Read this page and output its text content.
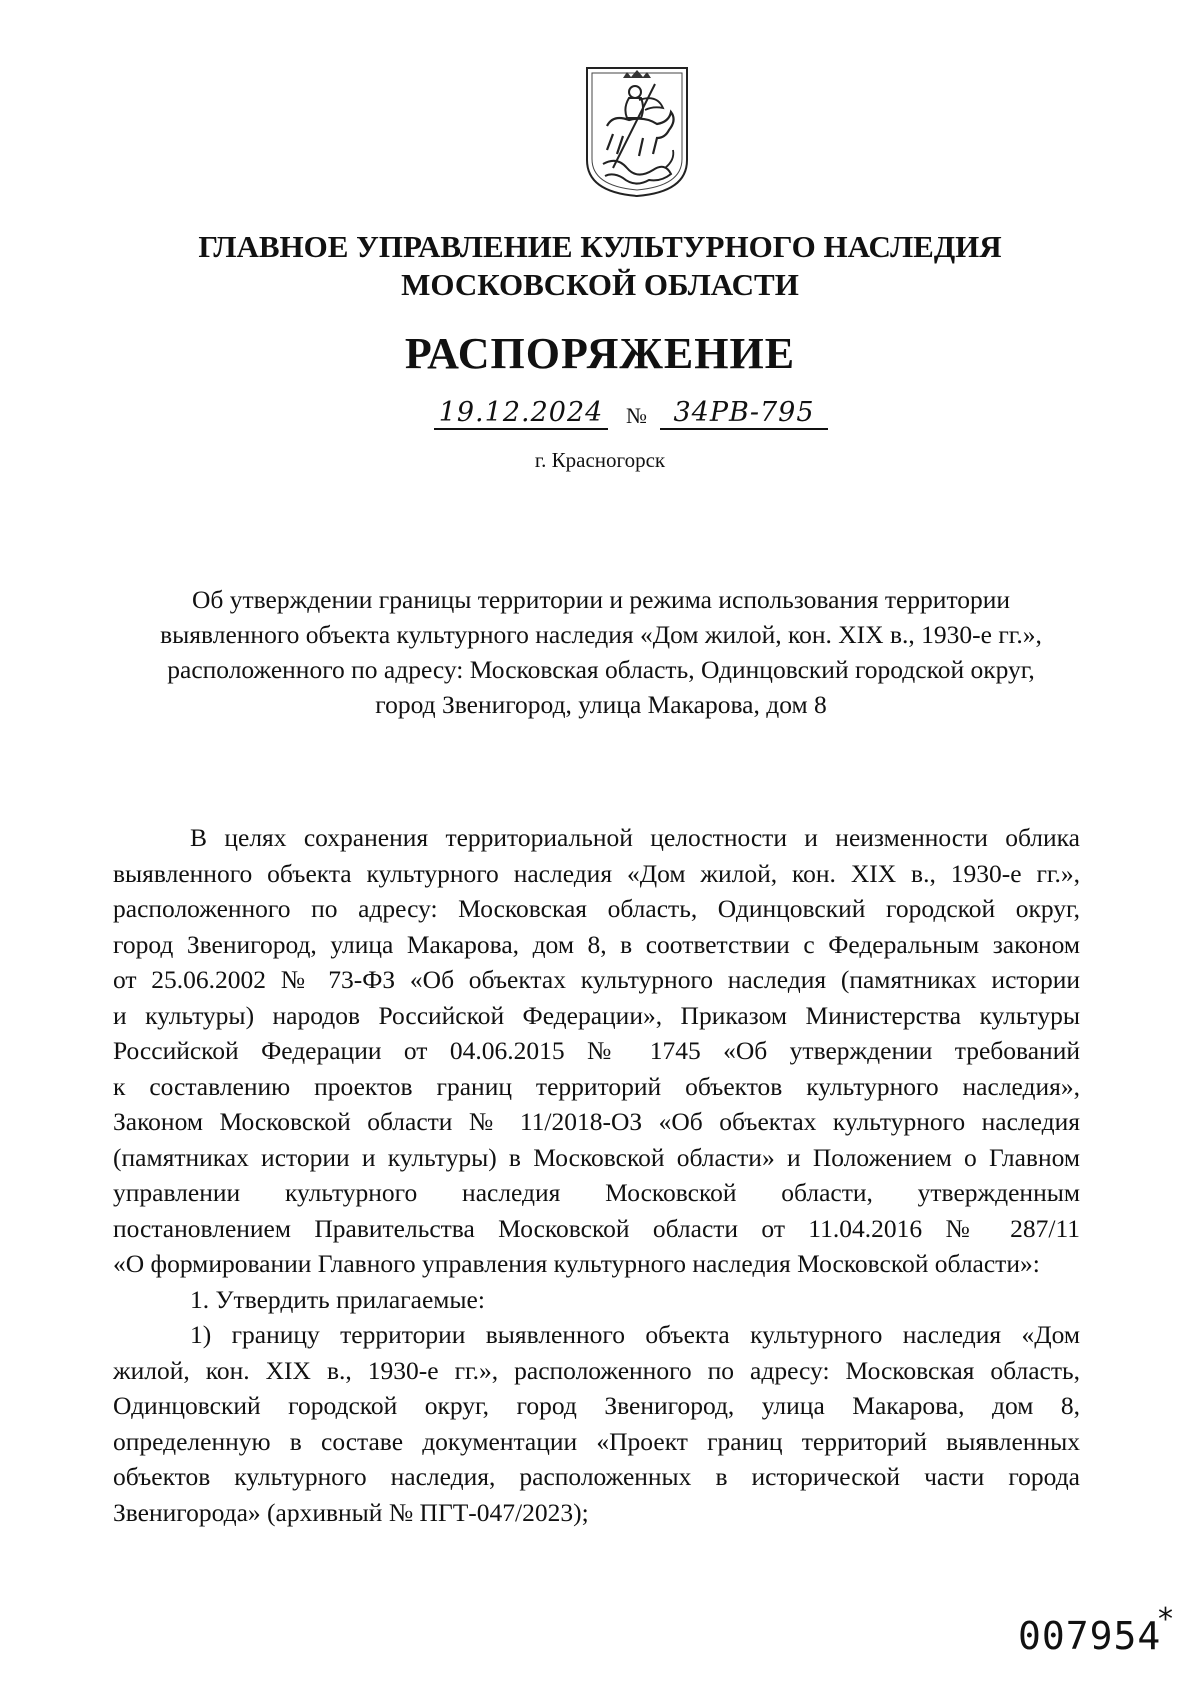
ГЛАВНОЕ УПРАВЛЕНИЕ КУЛЬТУРНОГО НАСЛЕДИЯ
МОСКОВСКОЙ ОБЛАСТИ
РАСПОРЯЖЕНИЕ
19.12.2024 № 34РВ-795
г. Красногорск
Об утверждении границы территории и режима использования территории
выявленного объекта культурного наследия «Дом жилой, кон. XIX в., 1930-е гг.»,
расположенного по адресу: Московская область, Одинцовский городской округ,
город Звенигород, улица Макарова, дом 8
В целях сохранения территориальной целостности и неизменности облика
выявленного объекта культурного наследия «Дом жилой, кон. XIX в., 1930-е гг.»,
расположенного по адресу: Московская область, Одинцовский городской округ,
город Звенигород, улица Макарова, дом 8, в соответствии с Федеральным законом
от 25.06.2002 № 73-ФЗ «Об объектах культурного наследия (памятниках истории
и культуры) народов Российской Федерации», Приказом Министерства культуры
Российской Федерации от 04.06.2015 № 1745 «Об утверждении требований
к составлению проектов границ территорий объектов культурного наследия»,
Законом Московской области № 11/2018-ОЗ «Об объектах культурного наследия
(памятниках истории и культуры) в Московской области» и Положением о Главном
управлении культурного наследия Московской области, утвержденным
постановлением Правительства Московской области от 11.04.2016 № 287/11
«О формировании Главного управления культурного наследия Московской области»:
1. Утвердить прилагаемые:
1) границу территории выявленного объекта культурного наследия «Дом
жилой, кон. XIX в., 1930-е гг.», расположенного по адресу: Московская область,
Одинцовский городской округ, город Звенигород, улица Макарова, дом 8,
определенную в составе документации «Проект границ территорий выявленных
объектов культурного наследия, расположенных в исторической части города
Звенигорода» (архивный № ПГТ-047/2023);
007954
*
